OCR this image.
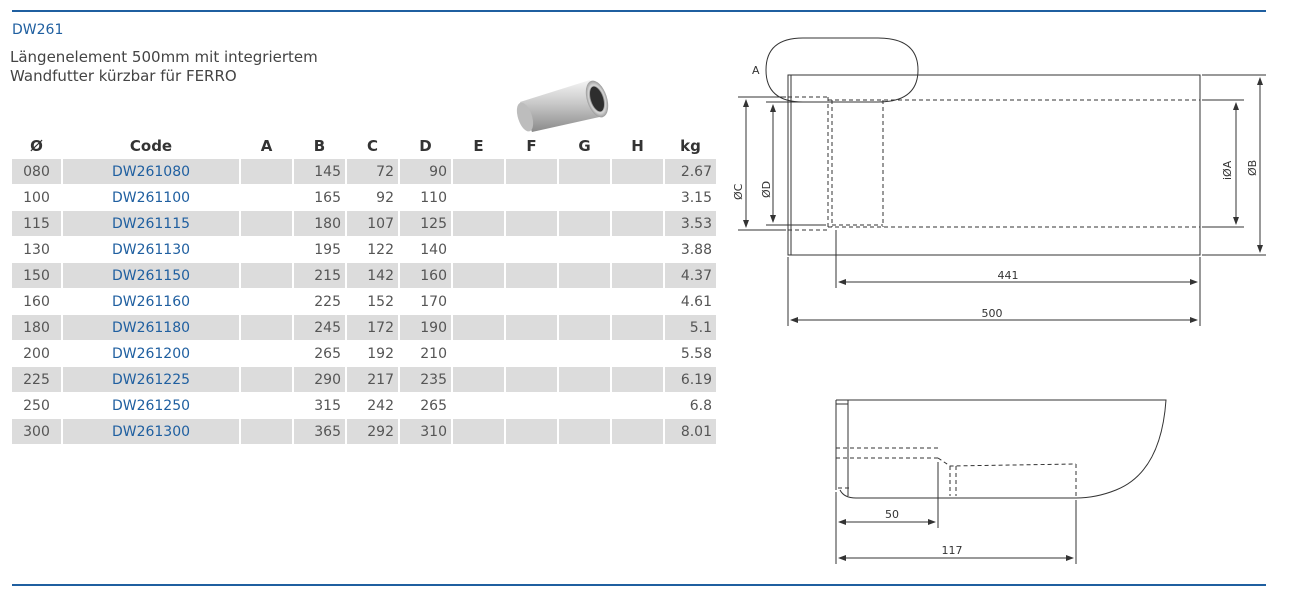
DW261
Längenelement 500mm mit integriertem
Wandfutter kürzbar für FERRO
Ø	Code	A	B	C	D	E	F	G	H	kg
080	DW261080		145	72	90					2.67
100	DW261100		165	92	110					3.15
115	DW261115		180	107	125					3.53
130	DW261130		195	122	140					3.88
150	DW261150		215	142	160					4.37
160	DW261160		225	152	170					4.61
180	DW261180		245	172	190					5.1
200	DW261200		265	192	210					5.58
225	DW261225		290	217	235					6.19
250	DW261250		315	242	265					6.8
300	DW261300		365	292	310					8.01
A
ØC ØD
iØA ØB
441
500
50
117
